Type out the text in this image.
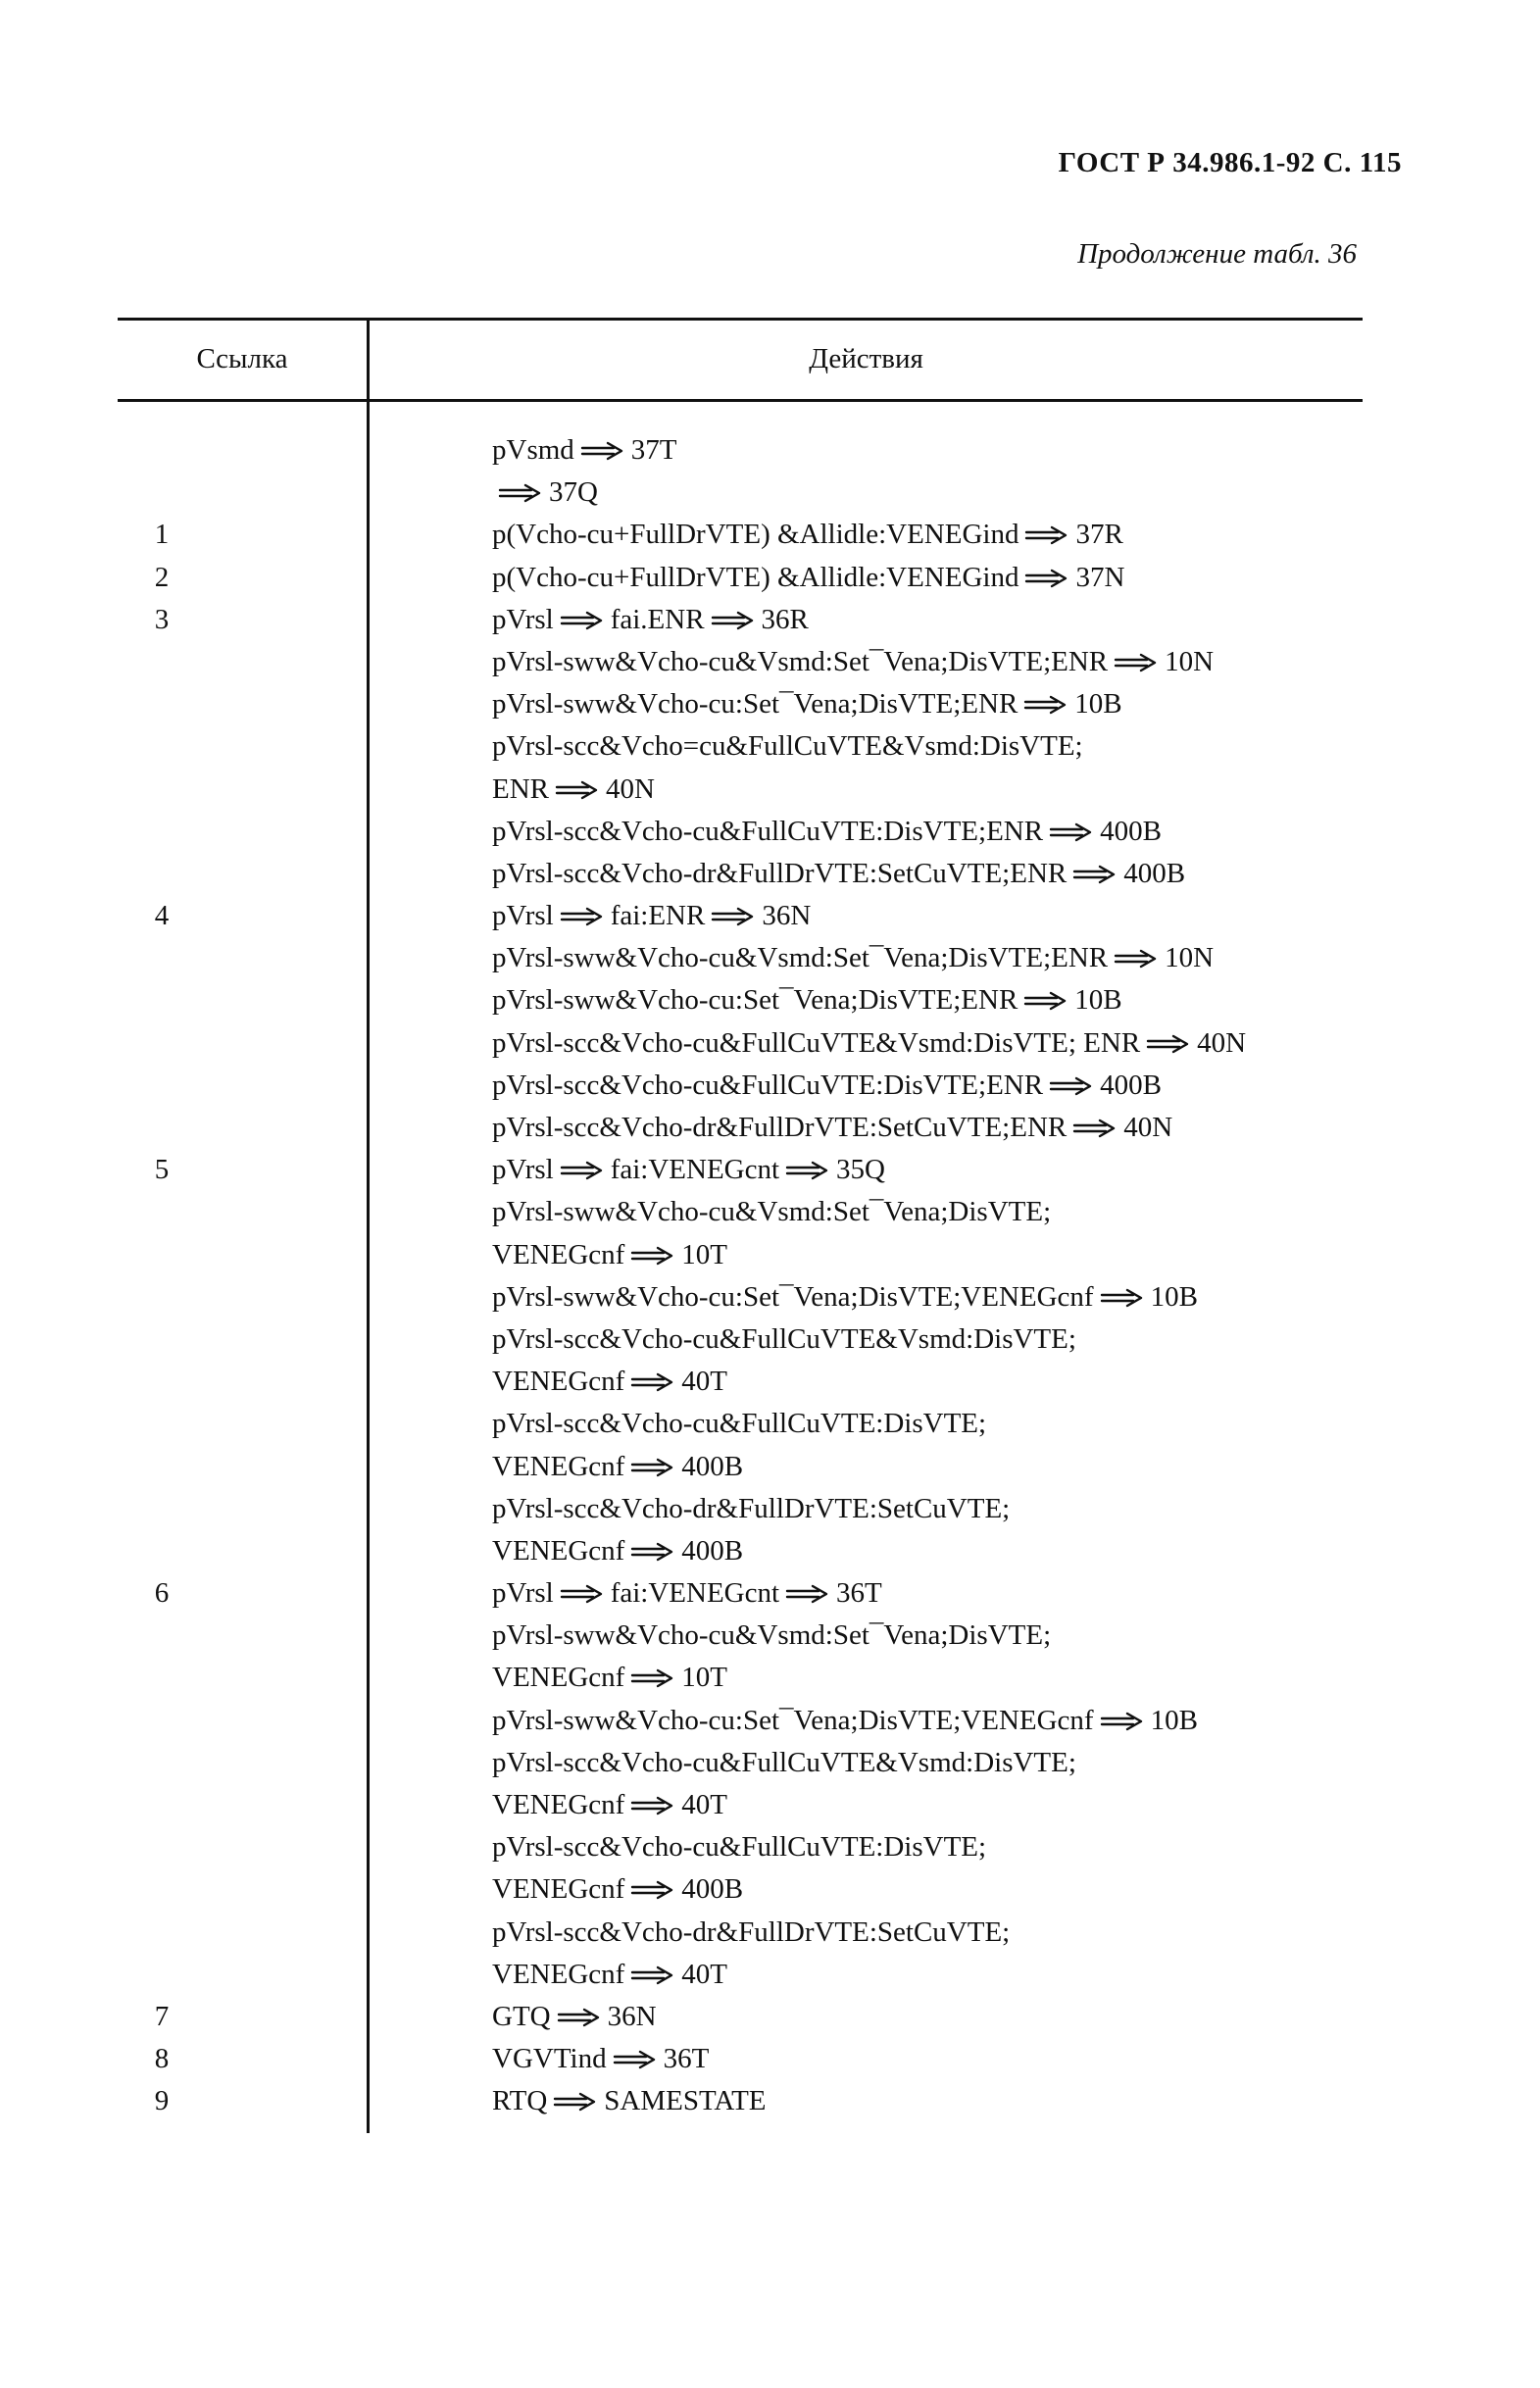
ГОСТ Р 34.986.1-92 С. 115
Продолжение табл. 36
Ссылка	Действия
pVsmd 37T
37Q
1	p(Vcho-cu+FullDrVTE) &Allidle:VENEGind 37R
2	p(Vcho-cu+FullDrVTE) &Allidle:VENEGind 37N
3	pVrsl fai.ENR 36R
pVrsl-sww&Vcho-cu&Vsmd:Set¯Vena;DisVTE;ENR 10N
pVrsl-sww&Vcho-cu:Set¯Vena;DisVTE;ENR 10B
pVrsl-scc&Vcho=cu&FullCuVTE&Vsmd:DisVTE;
ENR 40N
pVrsl-scc&Vcho-cu&FullCuVTE:DisVTE;ENR 400B
pVrsl-scc&Vcho-dr&FullDrVTE:SetCuVTE;ENR 400B
4	pVrsl fai:ENR 36N
pVrsl-sww&Vcho-cu&Vsmd:Set¯Vena;DisVTE;ENR 10N
pVrsl-sww&Vcho-cu:Set¯Vena;DisVTE;ENR 10B
pVrsl-scc&Vcho-cu&FullCuVTE&Vsmd:DisVTE; ENR 40N
pVrsl-scc&Vcho-cu&FullCuVTE:DisVTE;ENR 400B
pVrsl-scc&Vcho-dr&FullDrVTE:SetCuVTE;ENR 40N
5	pVrsl fai:VENEGcnt 35Q
pVrsl-sww&Vcho-cu&Vsmd:Set¯Vena;DisVTE;
VENEGcnf 10T
pVrsl-sww&Vcho-cu:Set¯Vena;DisVTE;VENEGcnf 10B
pVrsl-scc&Vcho-cu&FullCuVTE&Vsmd:DisVTE;
VENEGcnf 40T
pVrsl-scc&Vcho-cu&FullCuVTE:DisVTE;
VENEGcnf 400B
pVrsl-scc&Vcho-dr&FullDrVTE:SetCuVTE;
VENEGcnf 400B
6	pVrsl fai:VENEGcnt 36T
pVrsl-sww&Vcho-cu&Vsmd:Set¯Vena;DisVTE;
VENEGcnf 10T
pVrsl-sww&Vcho-cu:Set¯Vena;DisVTE;VENEGcnf 10B
pVrsl-scc&Vcho-cu&FullCuVTE&Vsmd:DisVTE;
VENEGcnf 40T
pVrsl-scc&Vcho-cu&FullCuVTE:DisVTE;
VENEGcnf 400B
pVrsl-scc&Vcho-dr&FullDrVTE:SetCuVTE;
VENEGcnf 40T
7	GTQ 36N
8	VGVTind 36T
9	RTQ SAMESTATE
